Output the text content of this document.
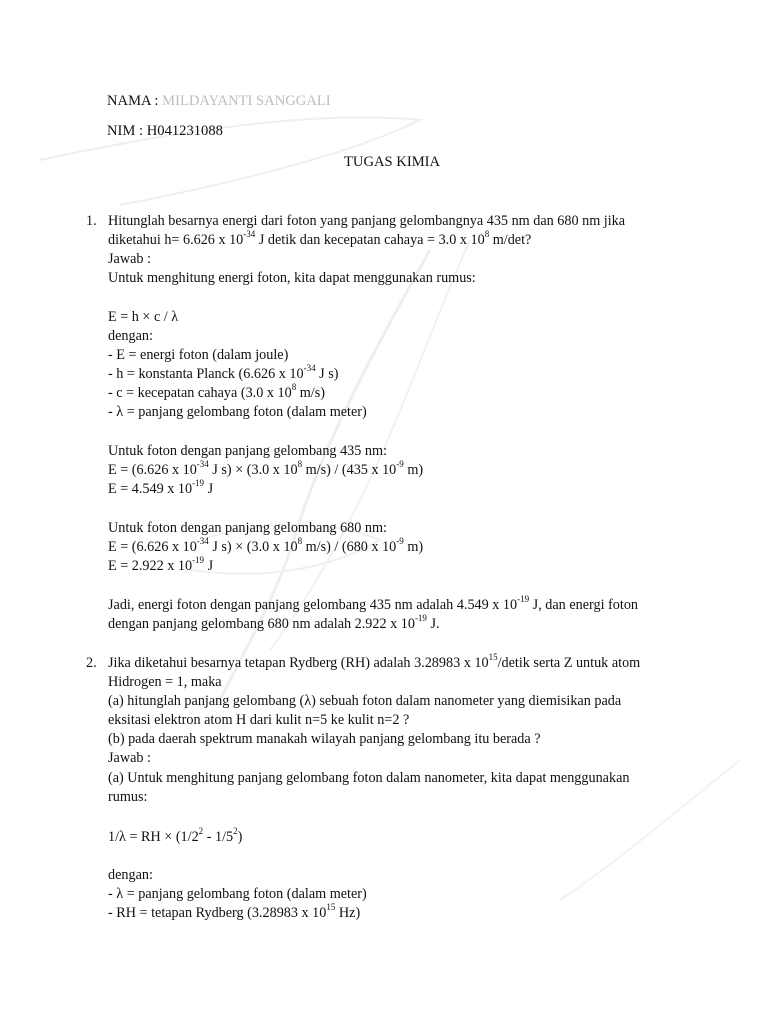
NAMA : MILDAYANTI SANGGALI
NIM : H041231088
TUGAS KIMIA
1. Hitunglah besarnya energi dari foton yang panjang gelombangnya 435 nm dan 680 nm jika
diketahui h= 6.626 x $10^{-34}$ J detik dan kecepatan cahaya = 3.0 x $10^8$ m/det?
Jawab :
Untuk menghitung energi foton, kita dapat menggunakan rumus:
E = h × c / λ
dengan:
- E = energi foton (dalam joule)
- h = konstanta Planck (6.626 x $10^{-34}$ J s)
- c = kecepatan cahaya (3.0 x $10^8$ m/s)
- λ = panjang gelombang foton (dalam meter)
Untuk foton dengan panjang gelombang 435 nm:
E = (6.626 x $10^{-34}$ J s) × (3.0 x $10^8$ m/s) / (435 x $10^{-9}$ m)
E = 4.549 x $10^{-19}$ J
Untuk foton dengan panjang gelombang 680 nm:
E = (6.626 x $10^{-34}$ J s) × (3.0 x $10^8$ m/s) / (680 x $10^{-9}$ m)
E = 2.922 x $10^{-19}$ J
Jadi, energi foton dengan panjang gelombang 435 nm adalah 4.549 x $10^{-19}$ J, dan energi foton
dengan panjang gelombang 680 nm adalah 2.922 x $10^{-19}$ J.
2. Jika diketahui besarnya tetapan Rydberg (RH) adalah 3.28983 x $10^{15}$/detik serta Z untuk atom
Hidrogen = 1, maka
(a) hitunglah panjang gelombang (λ) sebuah foton dalam nanometer yang diemisikan pada
eksitasi elektron atom H dari kulit n=5 ke kulit n=2 ?
(b) pada daerah spektrum manakah wilayah panjang gelombang itu berada ?
Jawab :
(a) Untuk menghitung panjang gelombang foton dalam nanometer, kita dapat menggunakan
rumus:
1/λ = RH × $(1/2^2 - 1/5^2)$
dengan:
- λ = panjang gelombang foton (dalam meter)
- RH = tetapan Rydberg (3.28983 x $10^{15}$ Hz)
